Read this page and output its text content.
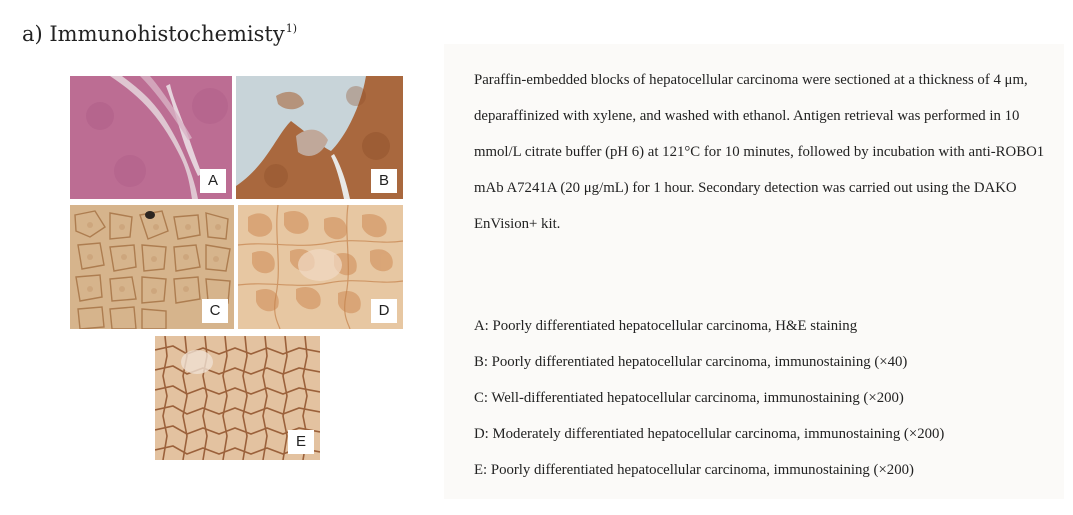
a) Immunohistochemisty$^{1)}$
A	B
C	D
E

Paraffin-embedded blocks of hepatocellular carcinoma were sectioned at a thickness of 4 μm, deparaffinized with xylene, and washed with ethanol. Antigen retrieval was performed in 10 mmol/L citrate buffer (pH 6) at 121°C for 10 minutes, followed by incubation with anti-ROBO1 mAb A7241A (20 μg/mL) for 1 hour. Secondary detection was carried out using the DAKO EnVision+ kit.

A: Poorly differentiated hepatocellular carcinoma, H&E staining
B: Poorly differentiated hepatocellular carcinoma, immunostaining (×40)
C: Well-differentiated hepatocellular carcinoma, immunostaining (×200)
D: Moderately differentiated hepatocellular carcinoma, immunostaining (×200)
E: Poorly differentiated hepatocellular carcinoma, immunostaining (×200)
